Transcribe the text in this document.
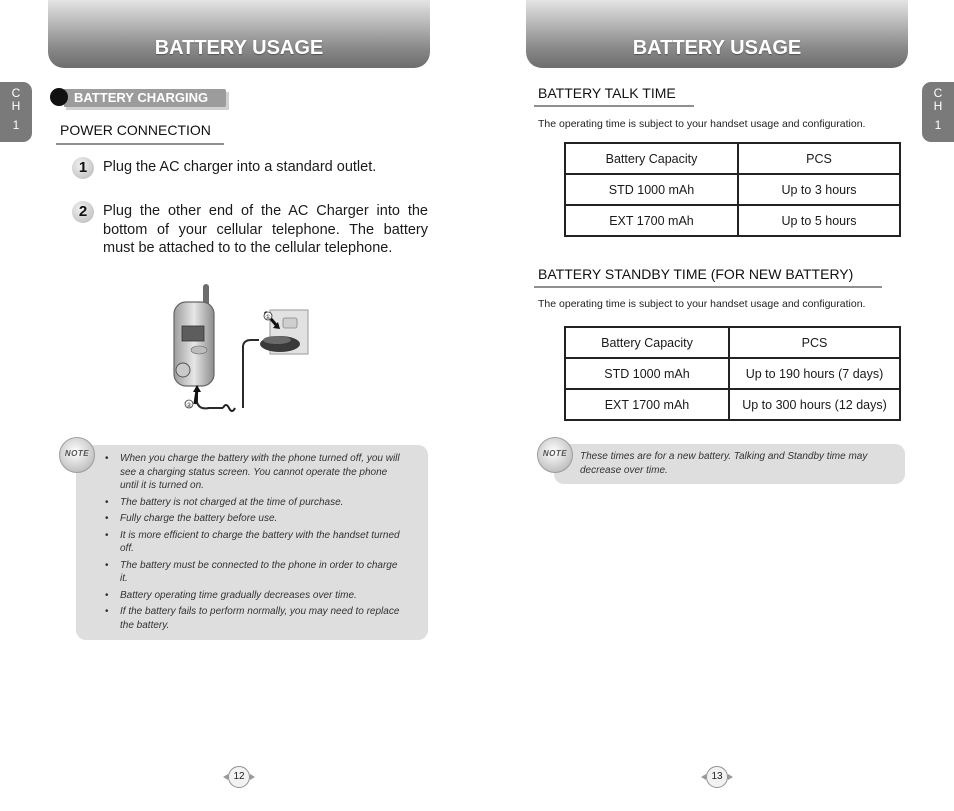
BATTERY USAGE
C
H
1
BATTERY CHARGING
POWER CONNECTION
1	Plug the AC charger into a standard outlet.
2	Plug the other end of the AC Charger into the bottom of your cellular telephone. The battery must be attached to to the cellular telephone.
①
②
NOTE	• When you charge the battery with the phone turned off, you will see a charging status screen. You cannot operate the phone until it is turned on.
• The battery is not charged at the time of purchase.
• Fully charge the battery before use.
• It is more efficient to charge the battery with the handset turned off.
• The battery must be connected to the phone in order to charge it.
• Battery operating time gradually decreases over time.
• If the battery fails to perform normally, you may need to replace the battery.
12
BATTERY USAGE
C
H
1
BATTERY TALK TIME
The operating time is subject to your handset usage and configuration.
Battery Capacity	PCS
STD 1000 mAh	Up to 3 hours
EXT 1700 mAh	Up to 5 hours
BATTERY STANDBY TIME (FOR NEW BATTERY)
The operating time is subject to your handset usage and configuration.
Battery Capacity	PCS
STD 1000 mAh	Up to 190 hours (7 days)
EXT 1700 mAh	Up to 300 hours (12 days)
NOTE	These times are for a new battery. Talking and Standby time may decrease over time.
13
